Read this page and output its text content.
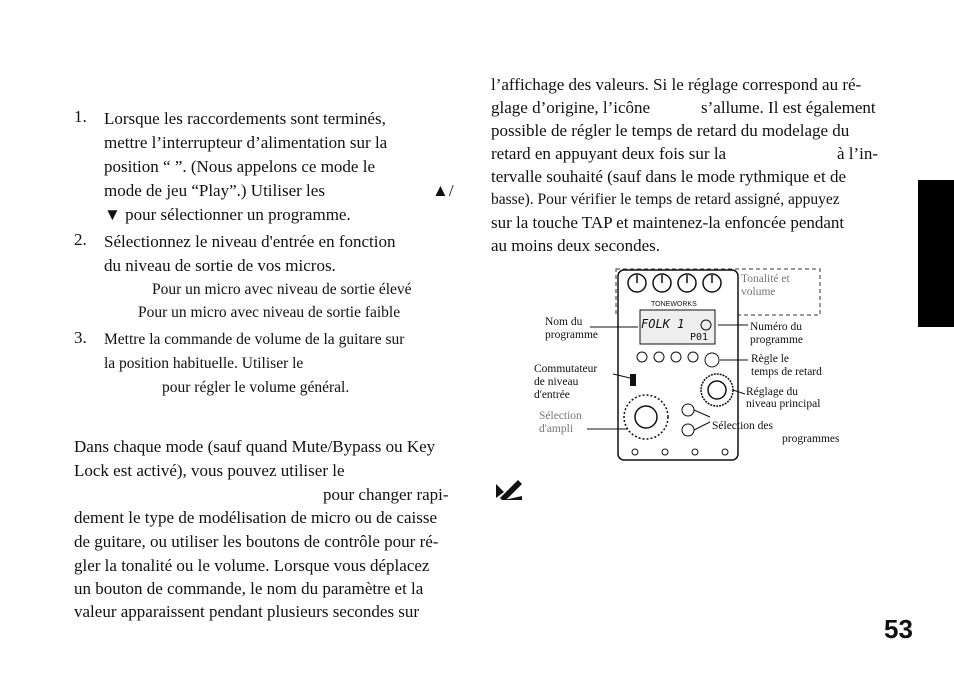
1. Lorsque les raccordements sont terminés,
mettre l’interrupteur d’alimentation sur la
position “ ”. (Nous appelons ce mode le
mode de jeu “Play”.) Utiliser les	▲/
▼ pour sélectionner un programme.
2. Sélectionnez le niveau d'entrée en fonction
du niveau de sortie de vos micros.
Pour un micro avec niveau de sortie élevé
Pour un micro avec niveau de sortie faible
3. Mettre la commande de volume de la guitare sur
la position habituelle. Utiliser le
pour régler le volume général.
Dans chaque mode (sauf quand Mute/Bypass ou Key
Lock est activé), vous pouvez utiliser le
pour changer rapi-
dement le type de modélisation de micro ou de caisse
de guitare, ou utiliser les boutons de contrôle pour ré-
gler la tonalité ou le volume. Lorsque vous déplacez
un bouton de commande, le nom du paramètre et la
valeur apparaissent pendant plusieurs secondes sur
l’affichage des valeurs. Si le réglage correspond au ré-
glage d’origine, l’icône	s’allume. Il est également
possible de régler le temps de retard du modelage du
retard en appuyant deux fois sur la	à l’in-
tervalle souhaité (sauf dans le mode rythmique et de
basse). Pour vérifier le temps de retard assigné, appuyez
sur la touche TAP et maintenez-la enfoncée pendant
au moins deux secondes.
FOLK 1
P01
TONEWORKS
Tonalité et
volume
Nom du
programme
Numéro du
programme
Règle le
temps de retard
Commutateur
de niveau
d'entrée	Réglage du
niveau principal
Sélection
d'ampli	Sélection des
programmes
53
